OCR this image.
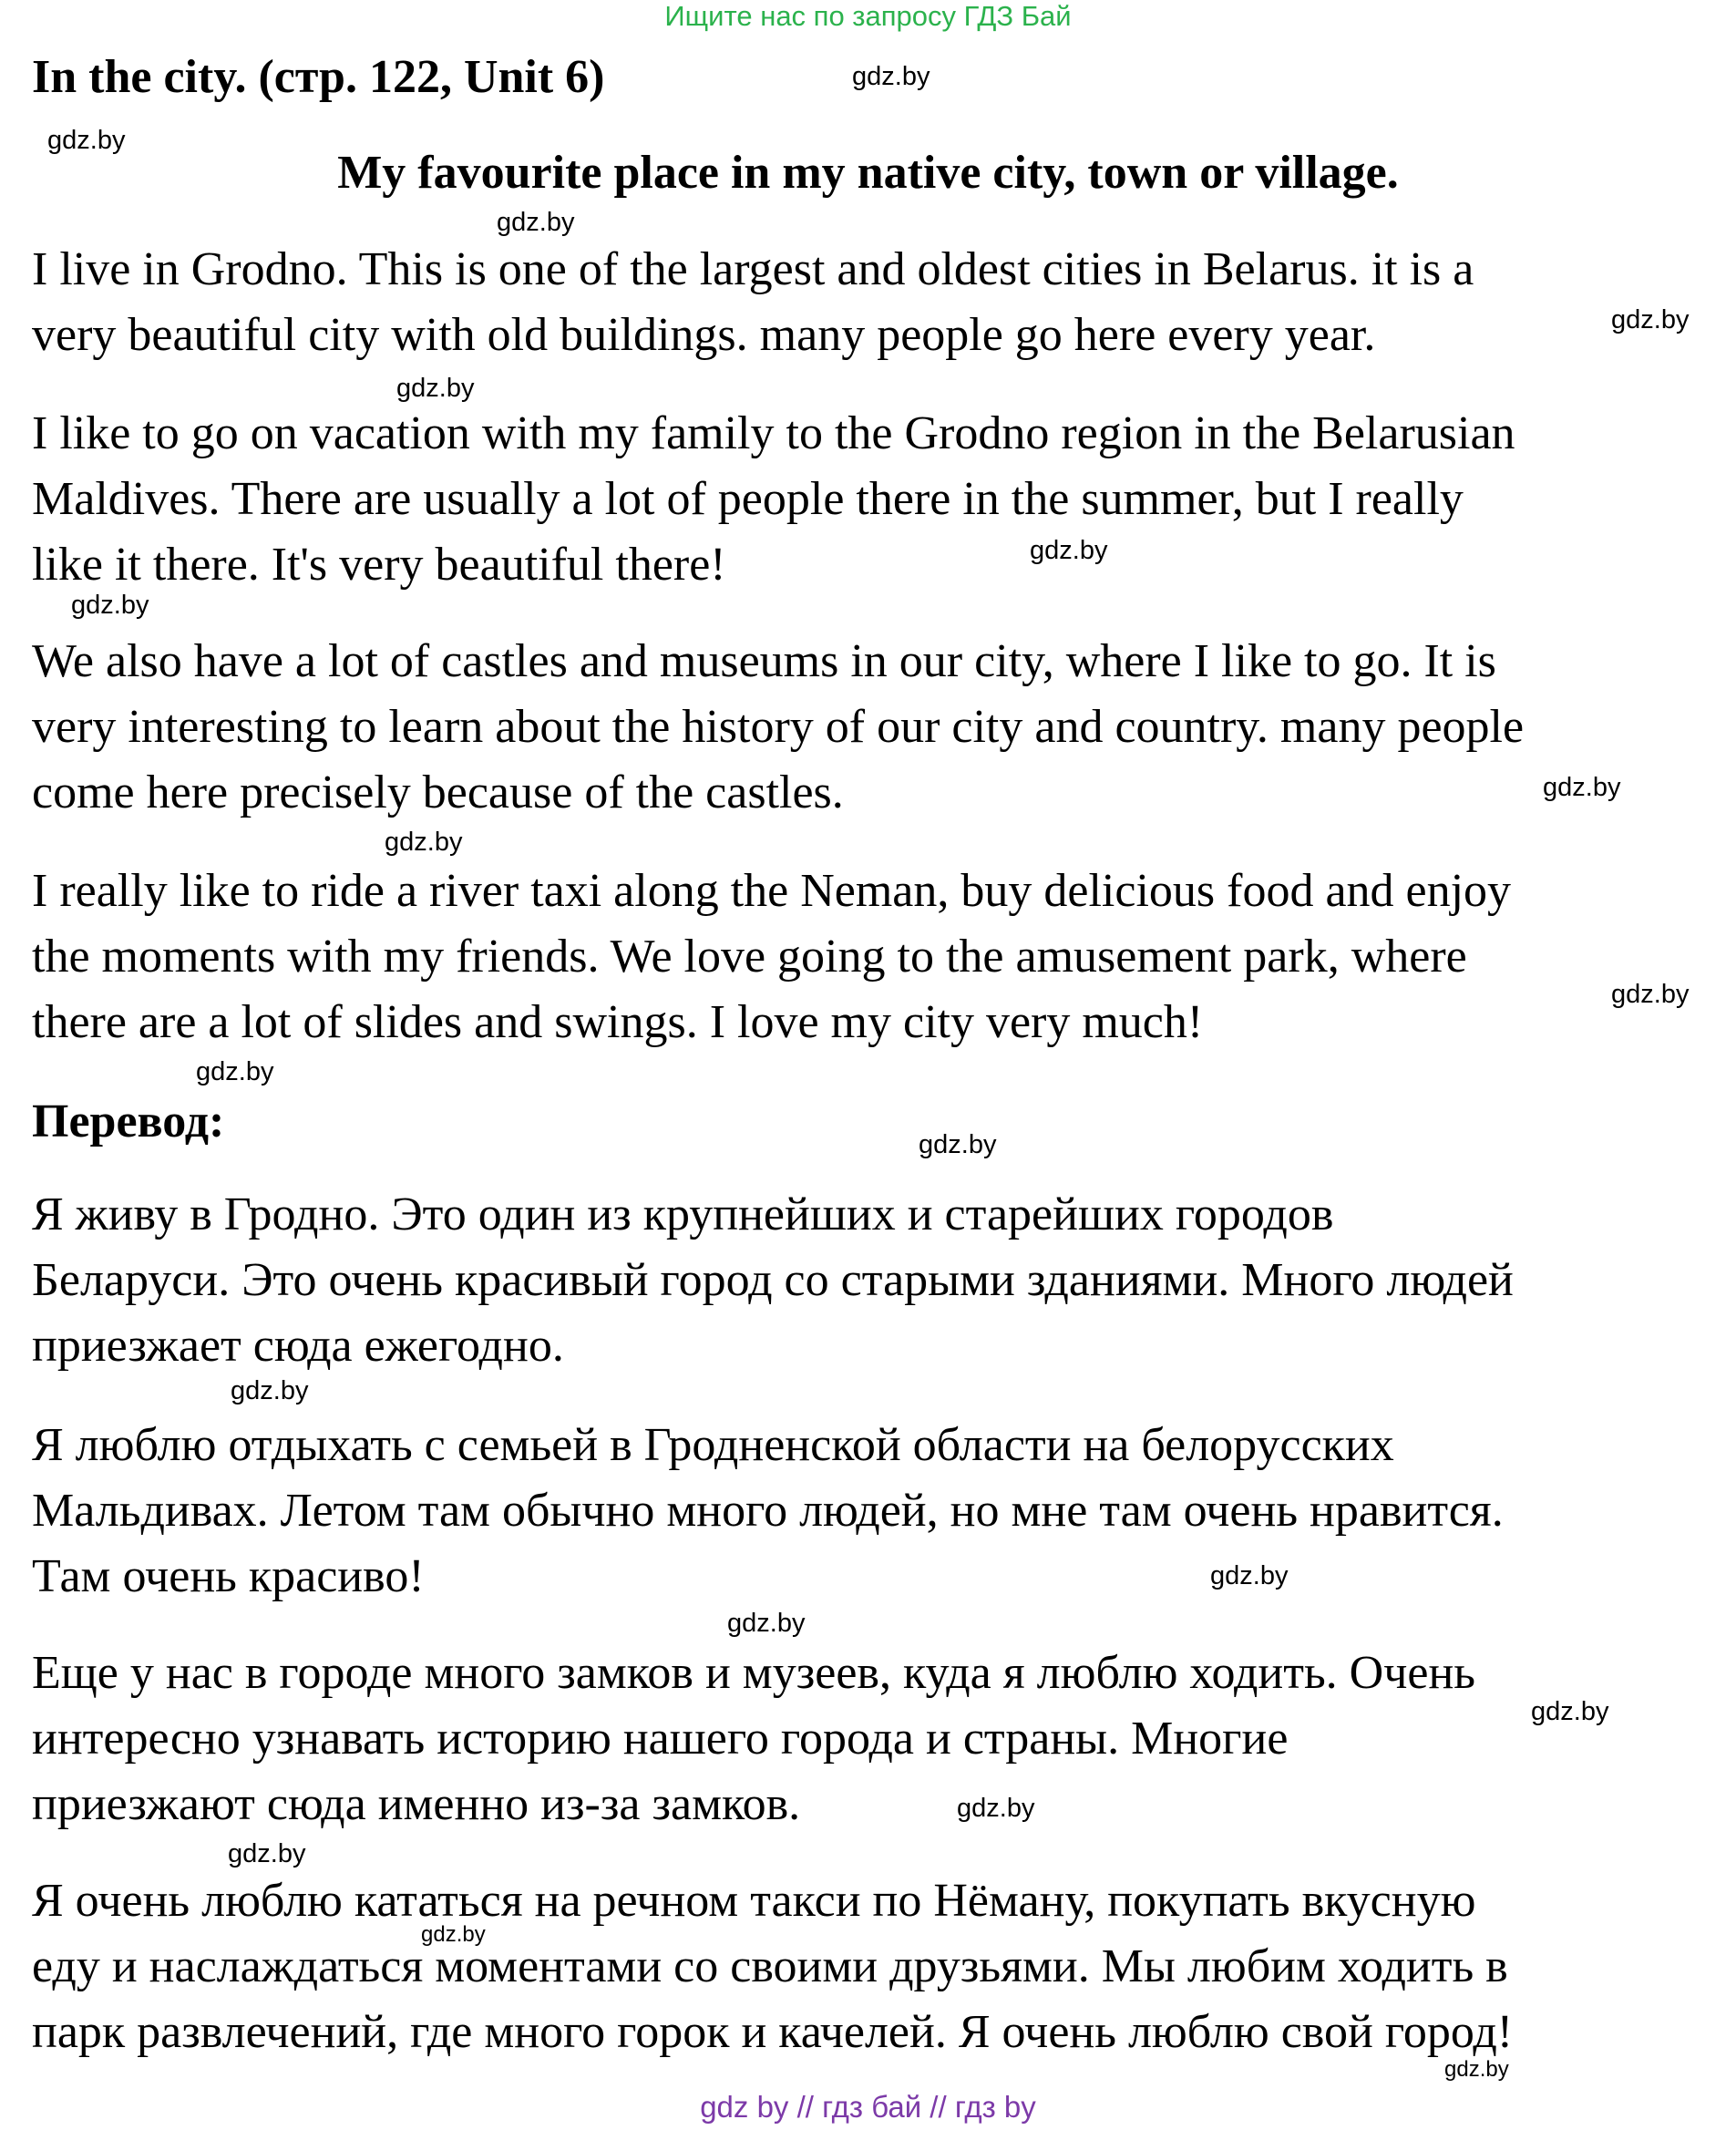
Ищите нас по запросу ГДЗ Бай
In the city. (стр. 122, Unit 6)
My favourite place in my native city, town or village.
I live in Grodno. This is one of the largest and oldest cities in Belarus. it is a
very beautiful city with old buildings. many people go here every year.
I like to go on vacation with my family to the Grodno region in the Belarusian
Maldives. There are usually a lot of people there in the summer, but I really
like it there. It's very beautiful there!
We also have a lot of castles and museums in our city, where I like to go. It is
very interesting to learn about the history of our city and country. many people
come here precisely because of the castles.
I really like to ride a river taxi along the Neman, buy delicious food and enjoy
the moments with my friends. We love going to the amusement park, where
there are a lot of slides and swings. I love my city very much!
Перевод:
Я живу в Гродно. Это один из крупнейших и старейших городов
Беларуси. Это очень красивый город со старыми зданиями. Много людей
приезжает сюда ежегодно.
Я люблю отдыхать с семьей в Гродненской области на белорусских
Мальдивах. Летом там обычно много людей, но мне там очень нравится.
Там очень красиво!
Еще у нас в городе много замков и музеев, куда я люблю ходить. Очень
интересно узнавать историю нашего города и страны. Многие
приезжают сюда именно из-за замков.
Я очень люблю кататься на речном такси по Нёману, покупать вкусную
еду и наслаждаться моментами со своими друзьями. Мы любим ходить в
парк развлечений, где много горок и качелей. Я очень люблю свой город!
gdz.by
gdz.by
gdz.by
gdz.by
gdz.by
gdz.by
gdz.by
gdz.by
gdz.by
gdz.by
gdz.by
gdz.by
gdz.by
gdz.by
gdz.by
gdz.by
gdz.by
gdz.by
gdz.by
gdz.by
gdz by // гдз бай // гдз by
